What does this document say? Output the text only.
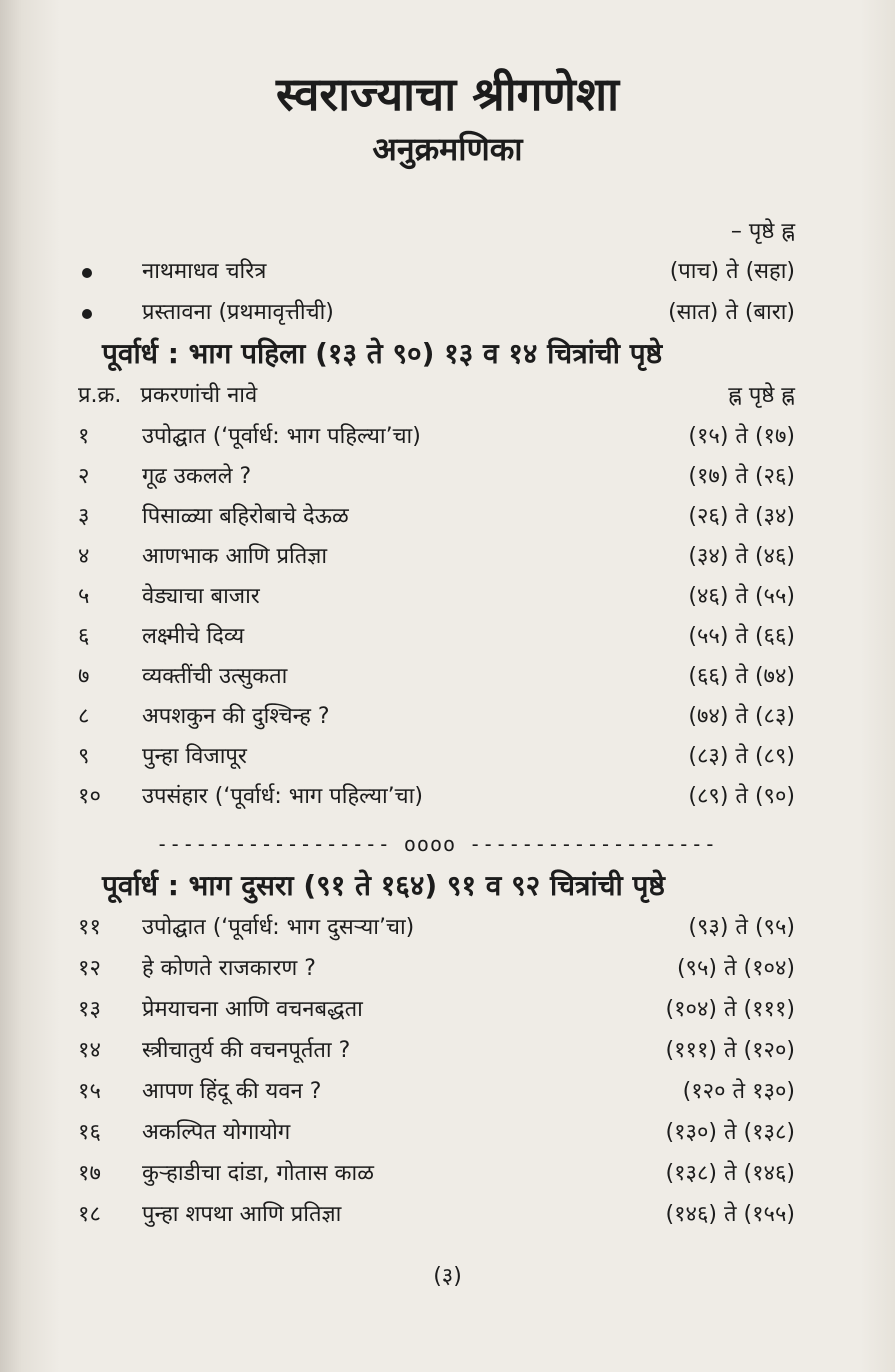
स्वराज्याचा श्रीगणेशा
अनुक्रमणिका
– पृष्ठे ह्न
नाथमाधव चरित्र	(पाच) ते (सहा)
प्रस्तावना (प्रथमावृत्तीची)	(सात) ते (बारा)
पूर्वार्ध : भाग पहिला (१३ ते ९०) १३ व १४ चित्रांची पृष्ठे
प्र.क्र. प्रकरणांची नावे	ह्न पृष्ठे ह्न
१	उपोद्घात (‘पूर्वार्ध: भाग पहिल्या’चा)	(१५) ते (१७)
२	गूढ उकलले ?	(१७) ते (२६)
३	पिसाळ्या बहिरोबाचे देऊळ	(२६) ते (३४)
४	आणभाक आणि प्रतिज्ञा	(३४) ते (४६)
५	वेड्याचा बाजार	(४६) ते (५५)
६	लक्ष्मीचे दिव्य	(५५) ते (६६)
७	व्यक्तींची उत्सुकता	(६६) ते (७४)
८	अपशकुन की दुश्चिन्ह ?	(७४) ते (८३)
९	पुन्हा विजापूर	(८३) ते (८९)
१०	उपसंहार (‘पूर्वार्ध: भाग पहिल्या’चा)	(८९) ते (९०)
------------------ oooo -------------------
पूर्वार्ध : भाग दुसरा (९१ ते १६४) ९१ व ९२ चित्रांची पृष्ठे
११	उपोद्घात (‘पूर्वार्ध: भाग दुसऱ्या’चा)	(९३) ते (९५)
१२	हे कोणते राजकारण ?	(९५) ते (१०४)
१३	प्रेमयाचना आणि वचनबद्धता	(१०४) ते (१११)
१४	स्त्रीचातुर्य की वचनपूर्तता ?	(१११) ते (१२०)
१५	आपण हिंदू की यवन ?	(१२० ते १३०)
१६	अकल्पित योगायोग	(१३०) ते (१३८)
१७	कुऱ्हाडीचा दांडा, गोतास काळ	(१३८) ते (१४६)
१८	पुन्हा शपथा आणि प्रतिज्ञा	(१४६) ते (१५५)
(३)
